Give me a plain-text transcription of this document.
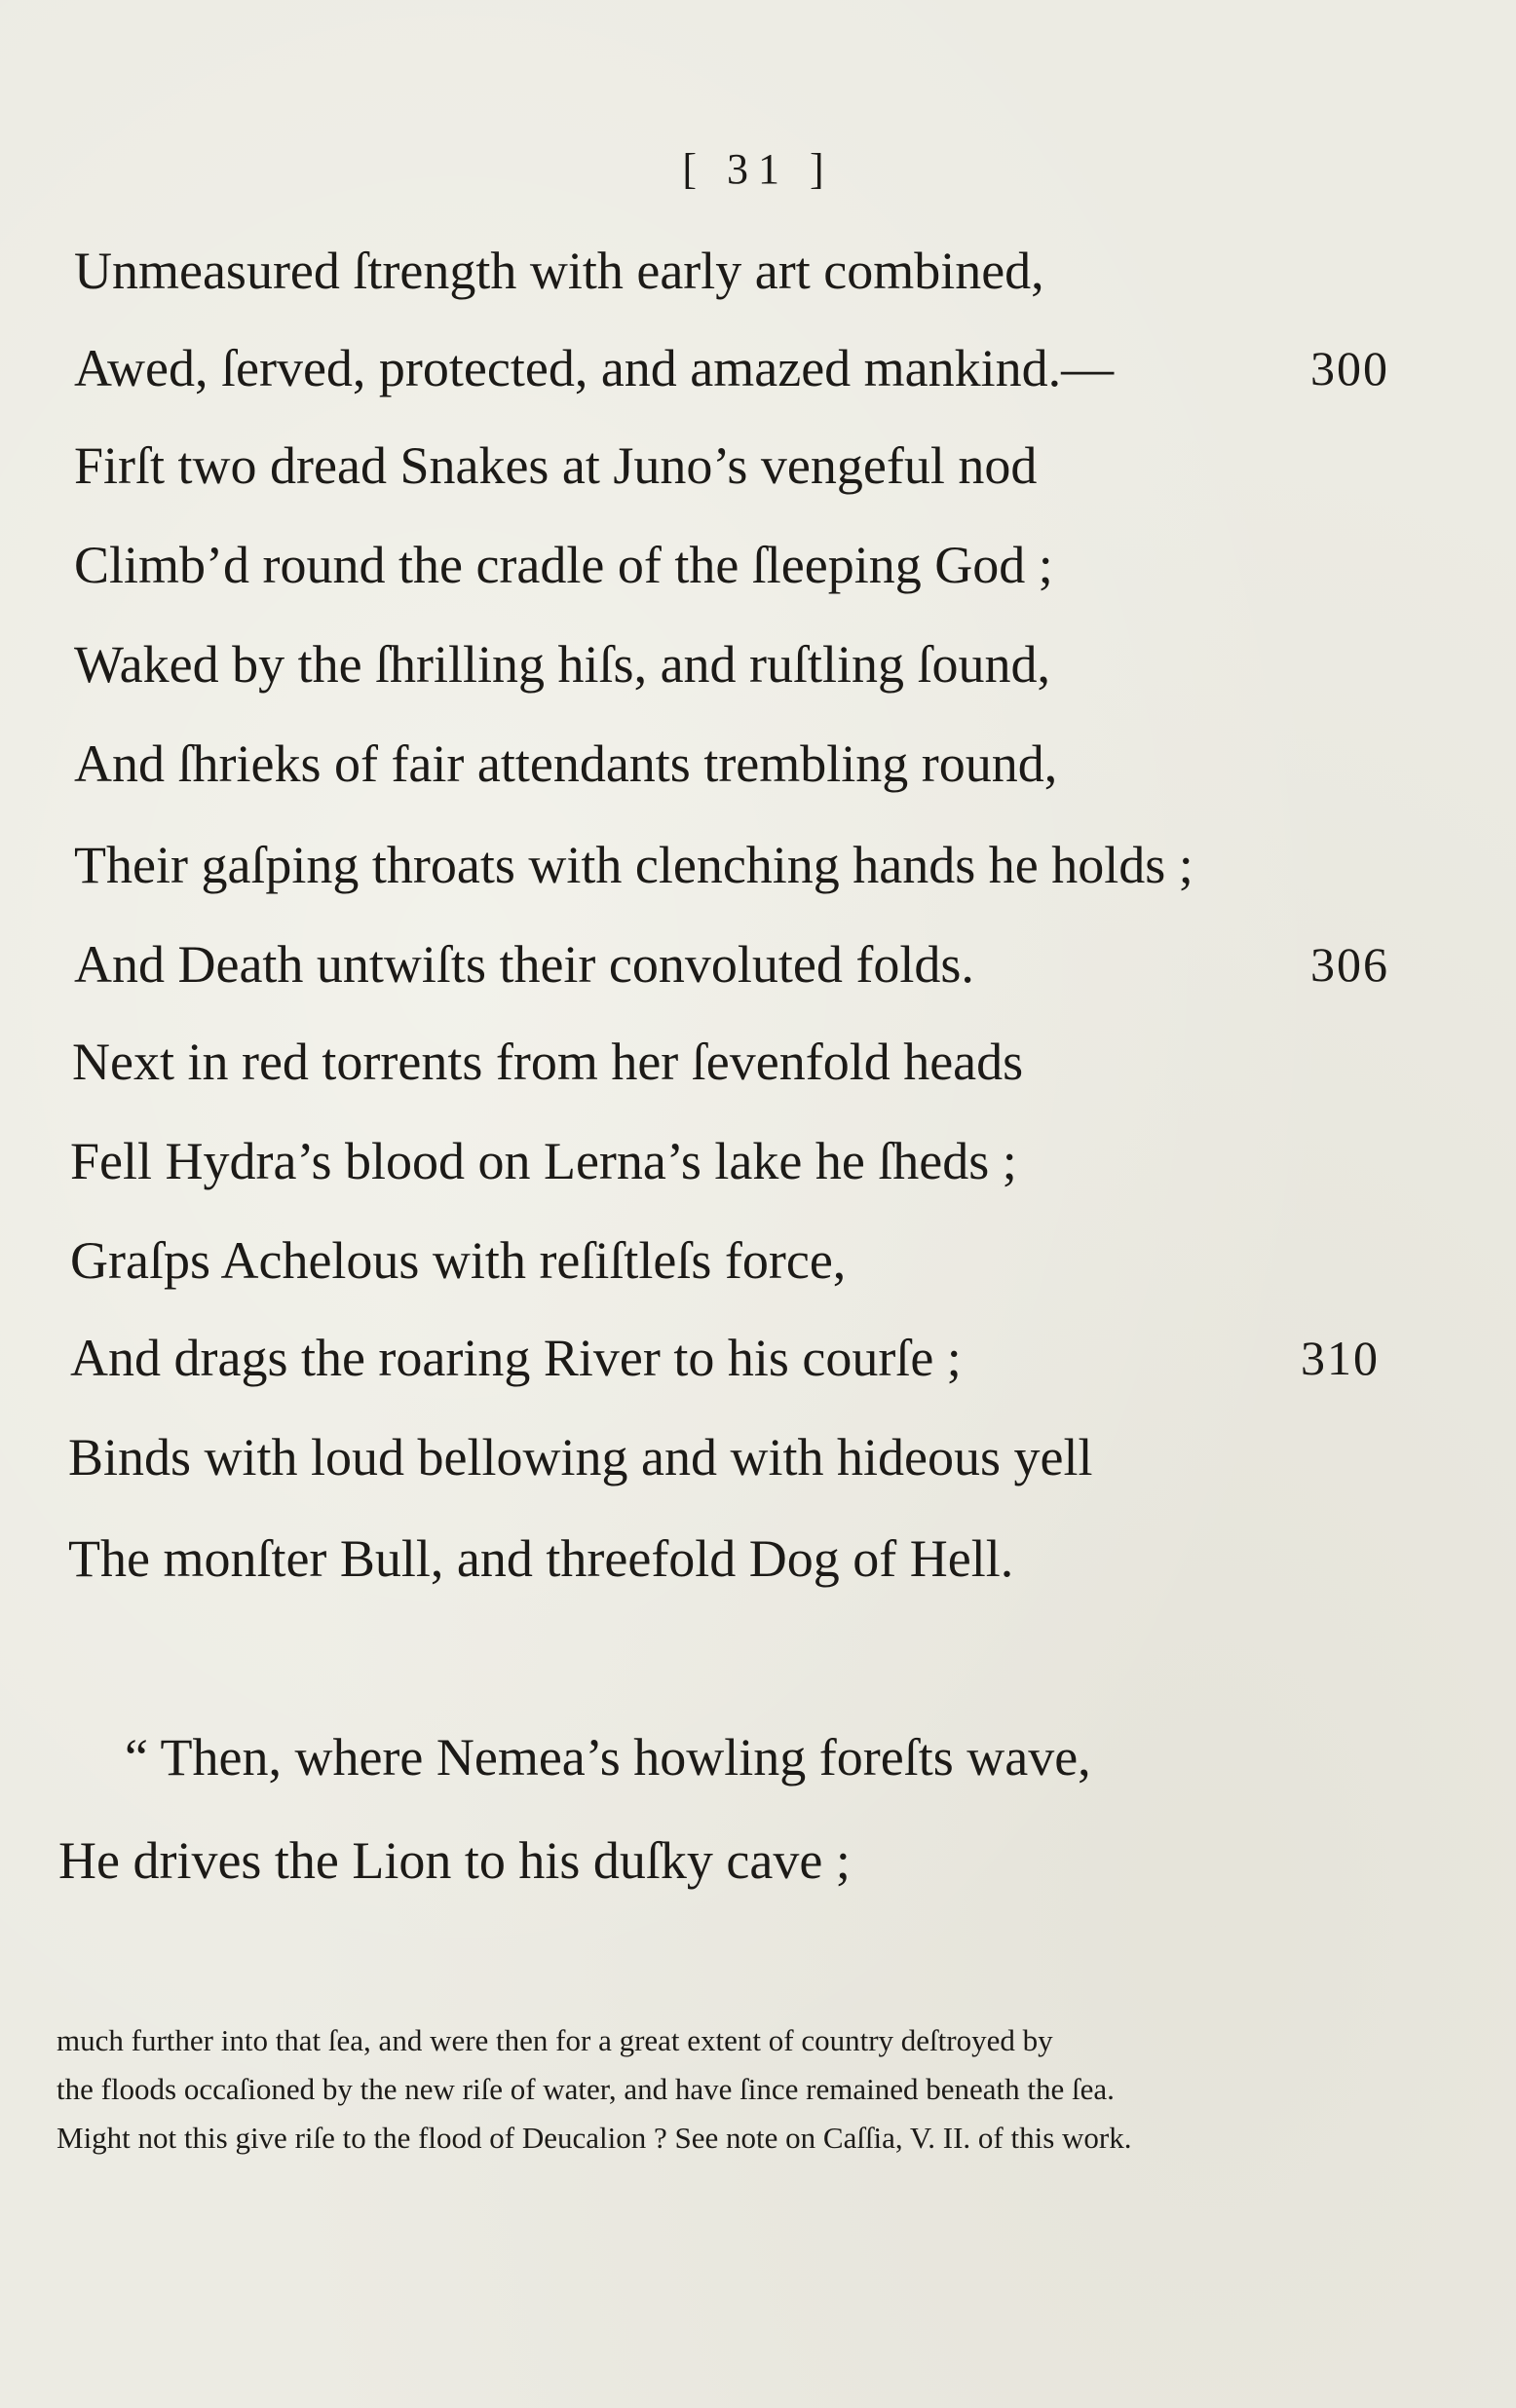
[ 31 ]

Unmeasured ſtrength with early art combined,
Awed, ſerved, protected, and amazed mankind.—	300
Firſt two dread Snakes at Juno’s vengeful nod
Climb’d round the cradle of the ſleeping God ;
Waked by the ſhrilling hiſs, and ruſtling ſound,
And ſhrieks of fair attendants trembling round,
Their gaſping throats with clenching hands he holds ;
And Death untwiſts their convoluted folds.	306
Next in red torrents from her ſevenfold heads
Fell Hydra’s blood on Lerna’s lake he ſheds ;
Graſps Achelous with reſiſtleſs force,
And drags the roaring River to his courſe ;	310
Binds with loud bellowing and with hideous yell
The monſter Bull, and threefold Dog of Hell.
“ Then, where Nemea’s howling foreſts wave,
He drives the Lion to his duſky cave ;
much further into that ſea, and were then for a great extent of country deſtroyed by
the floods occaſioned by the new riſe of water, and have ſince remained beneath the ſea.
Might not this give riſe to the flood of Deucalion ? See note on Caſſia, V. II. of this work.
